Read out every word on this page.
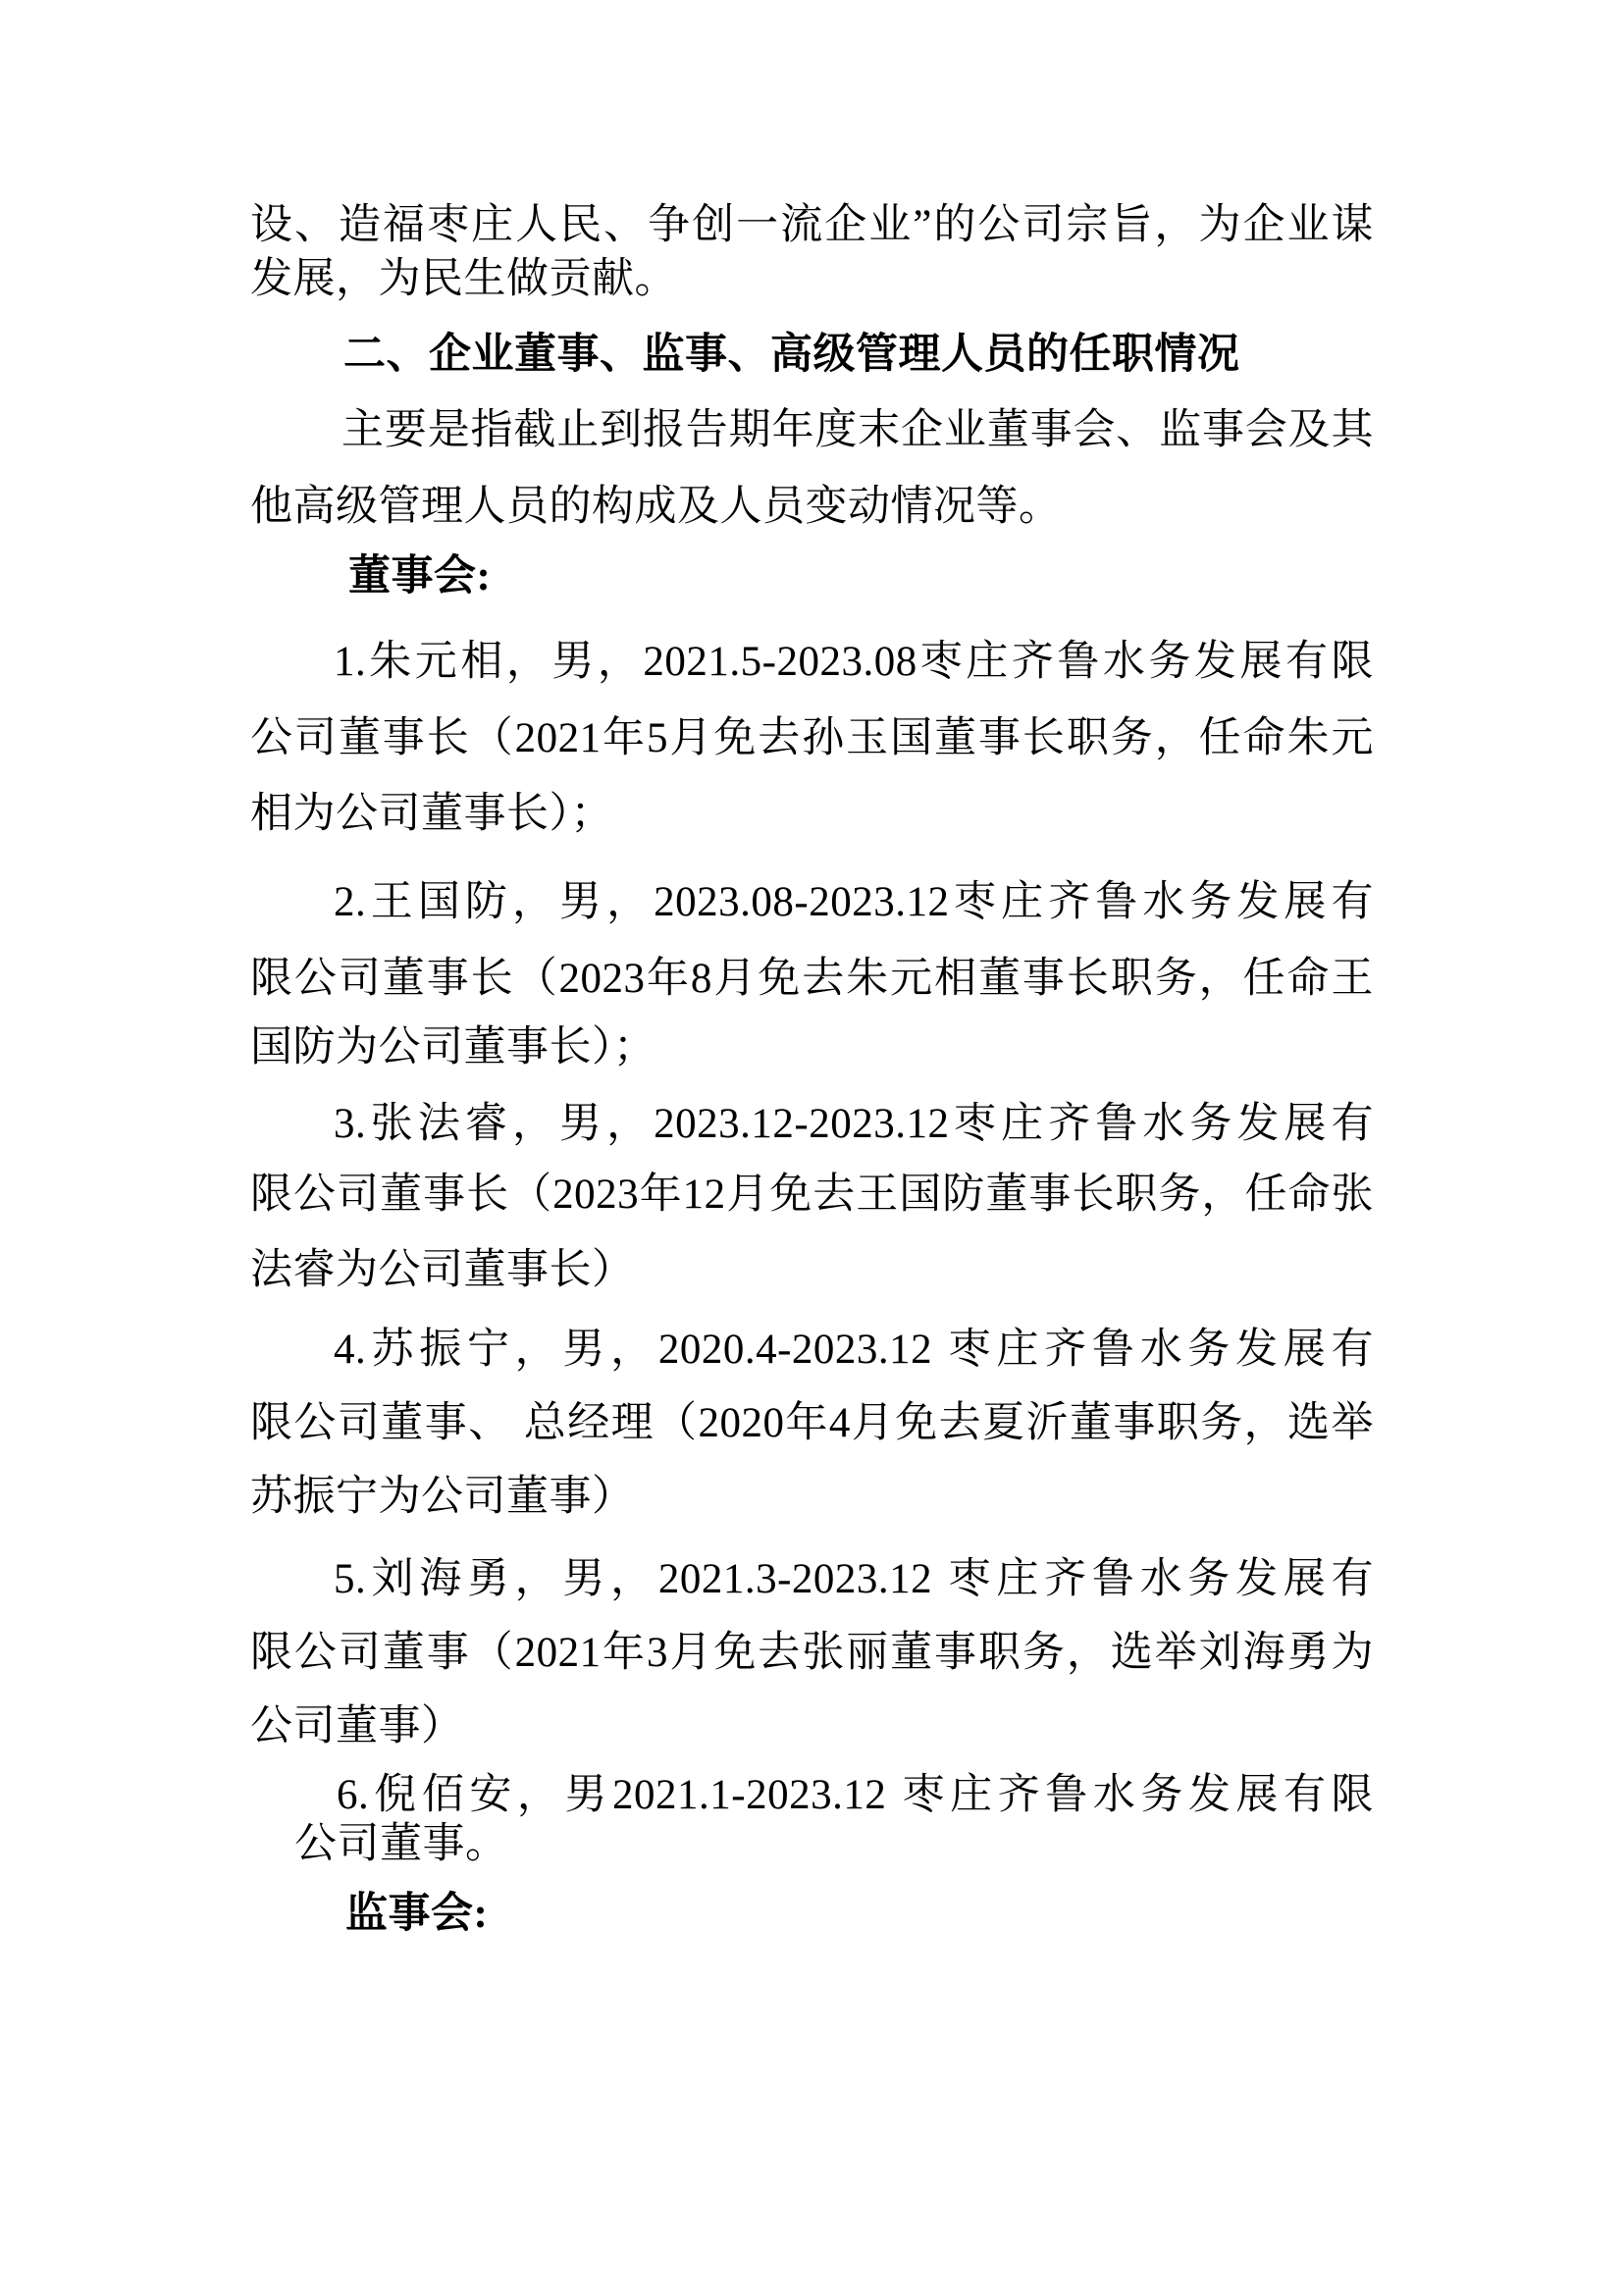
设、造福枣庄人民、争创一流企业”的公司宗旨，为企业谋
发展，为民生做贡献。
二、企业董事、监事、高级管理人员的任职情况
主要是指截止到报告期年度末企业董事会、监事会及其
他高级管理人员的构成及人员变动情况等。
董事会:
1.朱元相，男，2021.5-2023.08枣庄齐鲁水务发展有限
公司董事长（2021年5月免去孙玉国董事长职务，任命朱元
相为公司董事长）；
2.王国防，男，2023.08-2023.12枣庄齐鲁水务发展有
限公司董事长（2023年8月免去朱元相董事长职务，任命王
国防为公司董事长）；
3.张法睿，男，2023.12-2023.12枣庄齐鲁水务发展有
限公司董事长（2023年12月免去王国防董事长职务，任命张
法睿为公司董事长）
4.苏振宁，男，2020.4-2023.12 枣庄齐鲁水务发展有
限公司董事、 总经理（2020年4月免去夏沂董事职务，选举
苏振宁为公司董事）
5.刘海勇，男，2021.3-2023.12 枣庄齐鲁水务发展有
限公司董事（2021年3月免去张丽董事职务，选举刘海勇为
公司董事）
6.倪佰安，男2021.1-2023.12 枣庄齐鲁水务发展有限
公司董事。
监事会:
